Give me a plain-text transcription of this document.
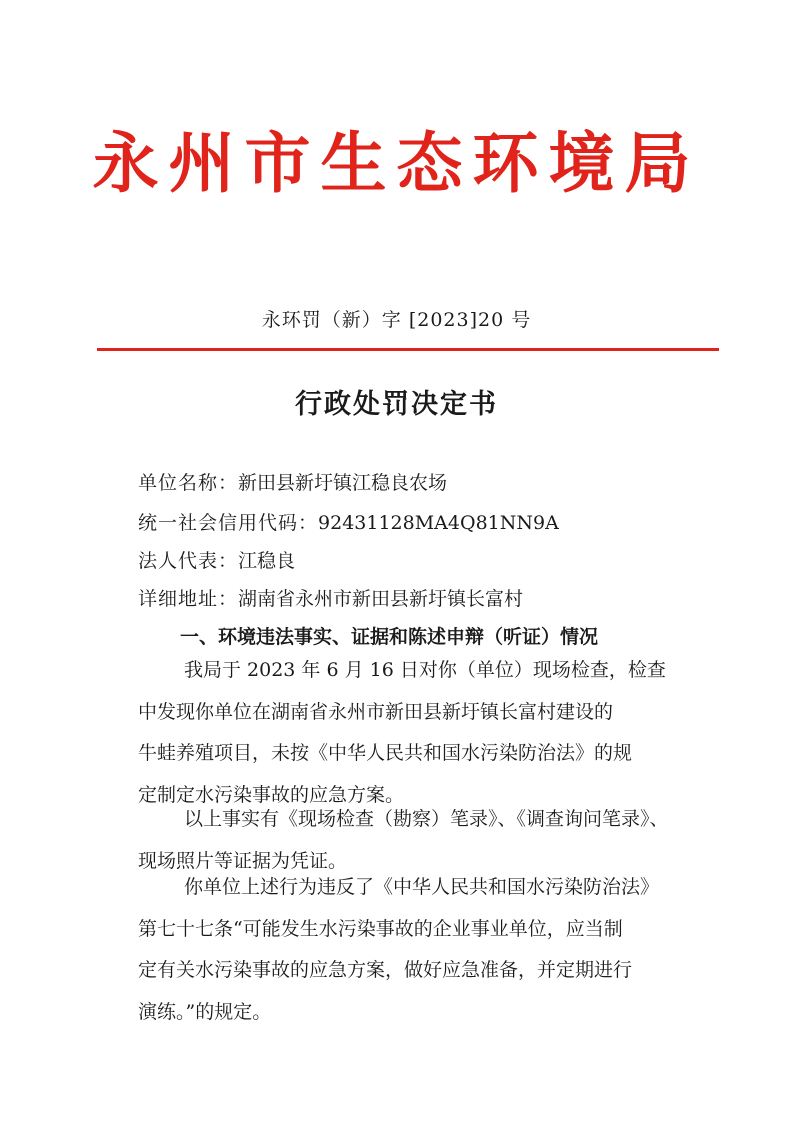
永州市生态环境局
永环罚（新）字 [2023]20 号
行政处罚决定书
单位名称：新田县新圩镇江稳良农场
统一社会信用代码：92431128MA4Q81NN9A
法人代表：江稳良
详细地址：湖南省永州市新田县新圩镇长富村
一、环境违法事实、证据和陈述申辩（听证）情况
我局于 2023 年 6 月 16 日对你（单位）现场检查，检查
中发现你单位在湖南省永州市新田县新圩镇长富村建设的
牛蛙养殖项目，未按《中华人民共和国水污染防治法》的规
定制定水污染事故的应急方案。
以上事实有《现场检查（勘察）笔录》、《调查询问笔录》、
现场照片等证据为凭证。
你单位上述行为违反了《中华人民共和国水污染防治法》
第七十七条“可能发生水污染事故的企业事业单位，应当制
定有关水污染事故的应急方案，做好应急准备，并定期进行
演练。”的规定。
